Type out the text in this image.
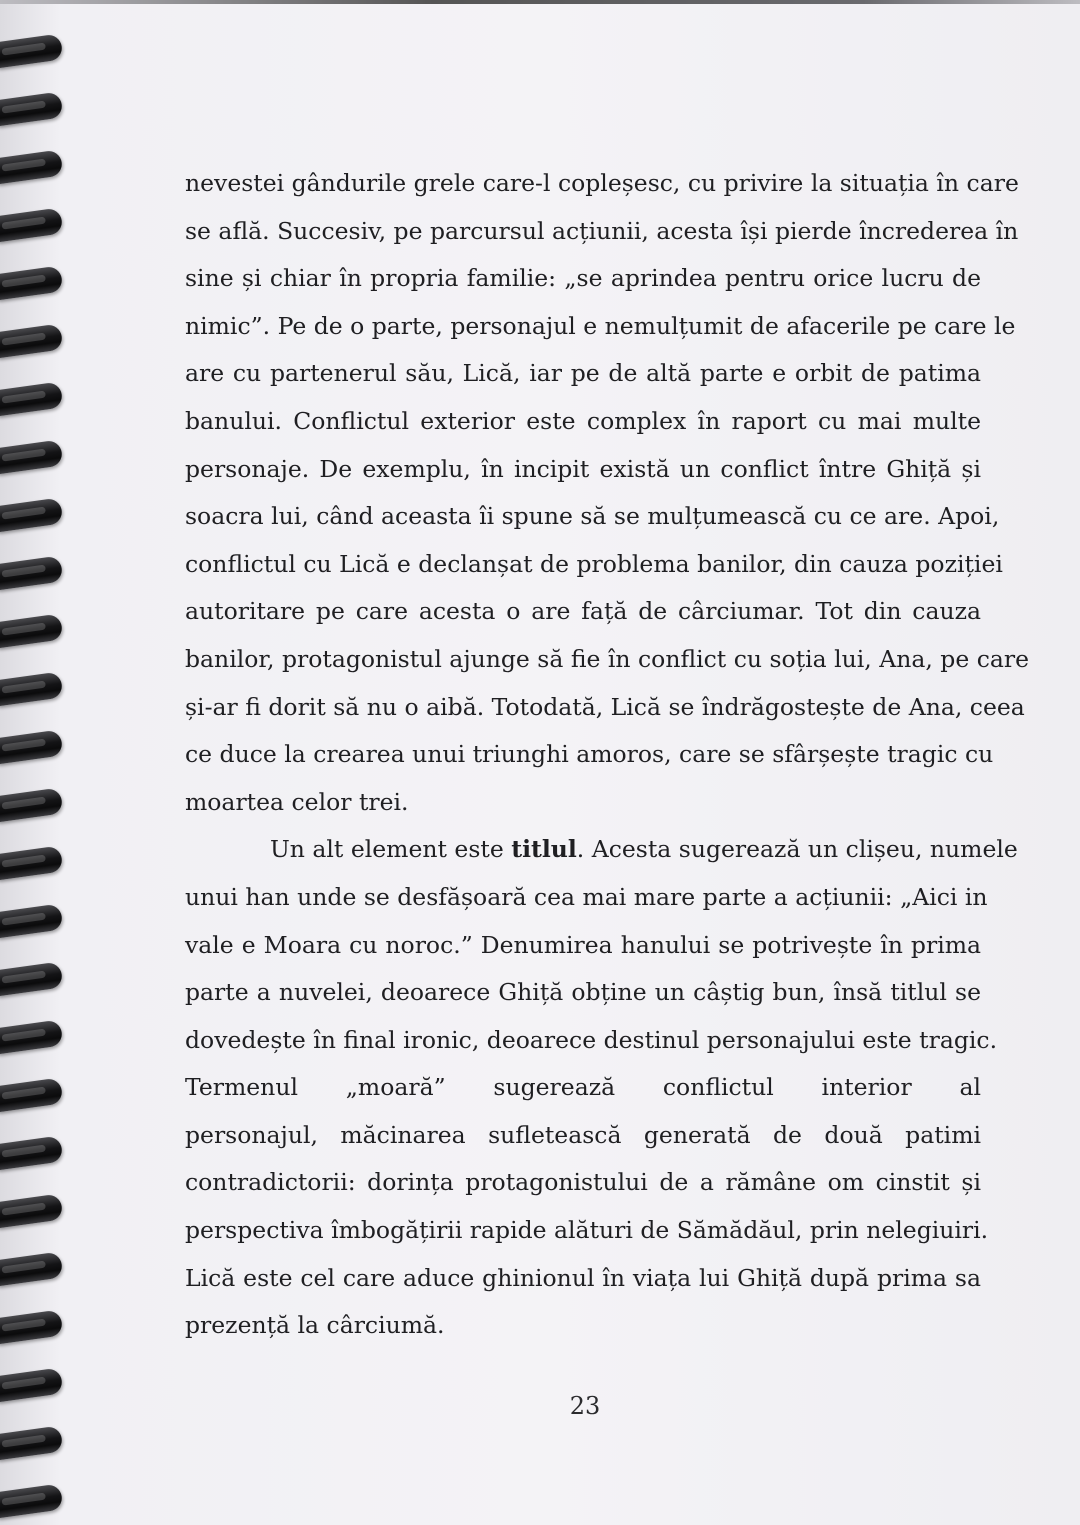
nevestei gândurile grele care-l copleșesc, cu privire la situația în care
se află. Succesiv, pe parcursul acțiunii, acesta își pierde încrederea în
sine și chiar în propria familie: „se aprindea pentru orice lucru de
nimic”. Pe de o parte, personajul e nemulțumit de afacerile pe care le
are cu partenerul său, Lică, iar pe de altă parte e orbit de patima
banului. Conflictul exterior este complex în raport cu mai multe
personaje. De exemplu, în incipit există un conflict între Ghiță și
soacra lui, când aceasta îi spune să se mulțumească cu ce are. Apoi,
conflictul cu Lică e declanșat de problema banilor, din cauza poziției
autoritare pe care acesta o are față de cârciumar. Tot din cauza
banilor, protagonistul ajunge să fie în conflict cu soția lui, Ana, pe care
și-ar fi dorit să nu o aibă. Totodată, Lică se îndrăgostește de Ana, ceea
ce duce la crearea unui triunghi amoros, care se sfârșește tragic cu
moartea celor trei.
Un alt element este titlul. Acesta sugerează un clișeu, numele
unui han unde se desfășoară cea mai mare parte a acțiunii: „Aici in
vale e Moara cu noroc.” Denumirea hanului se potrivește în prima
parte a nuvelei, deoarece Ghiță obține un câștig bun, însă titlul se
dovedește în final ironic, deoarece destinul personajului este tragic.
Termenul „moară” sugerează conflictul interior al
personajul, măcinarea sufletească generată de două patimi
contradictorii: dorința protagonistului de a rămâne om cinstit și
perspectiva îmbogățirii rapide alături de Sămădăul, prin nelegiuiri.
Lică este cel care aduce ghinionul în viața lui Ghiță după prima sa
prezență la cârciumă.
23
